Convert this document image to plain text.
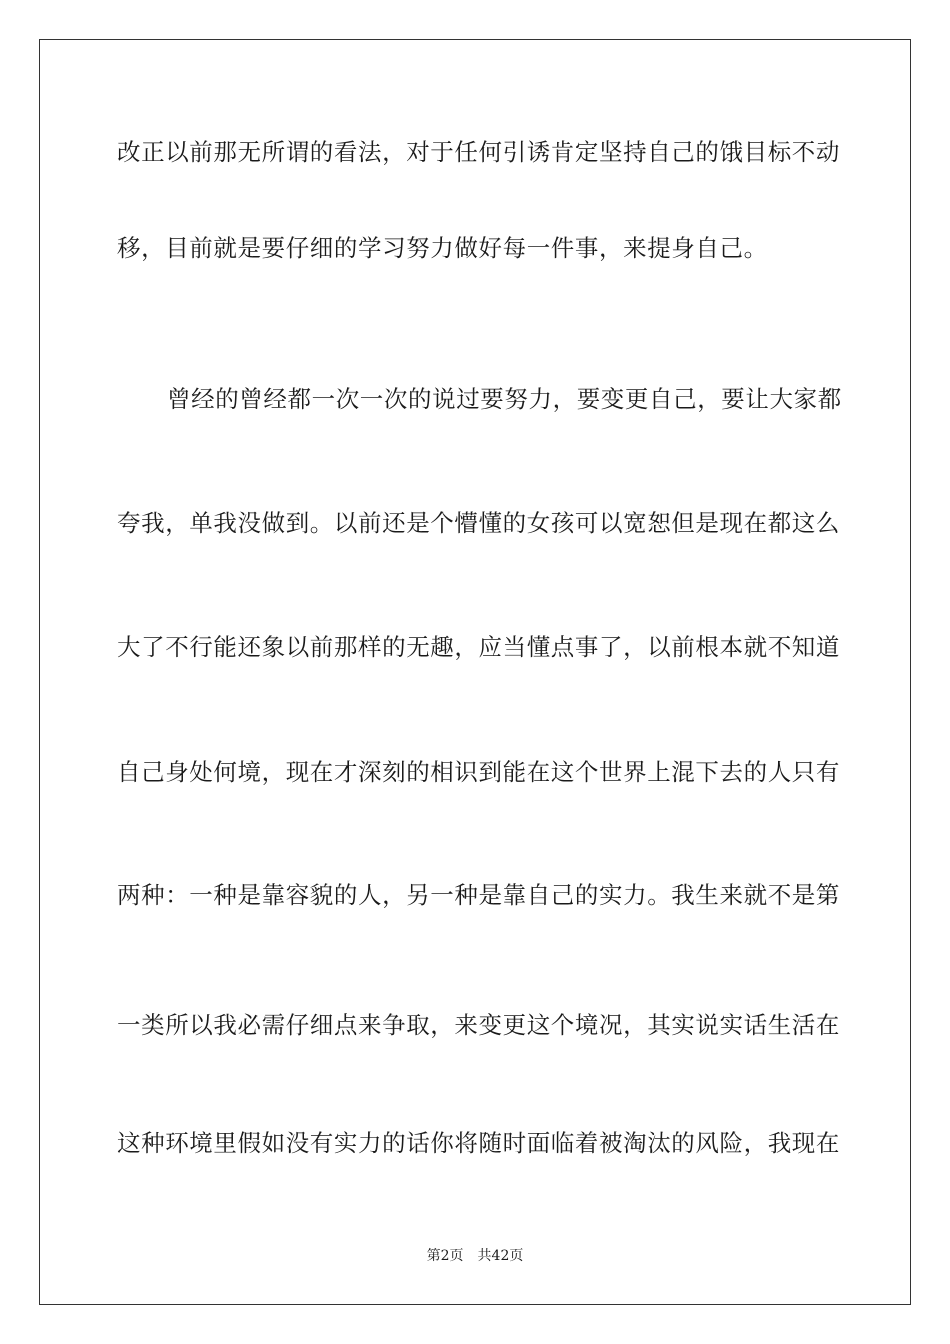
改正以前那无所谓的看法，对于任何引诱肯定坚持自己的饿目标不动
移，目前就是要仔细的学习努力做好每一件事，来提身自己。
曾经的曾经都一次一次的说过要努力，要变更自己，要让大家都
夸我，单我没做到。以前还是个懵懂的女孩可以宽恕但是现在都这么
大了不行能还象以前那样的无趣，应当懂点事了，以前根本就不知道
自己身处何境，现在才深刻的相识到能在这个世界上混下去的人只有
两种：一种是靠容貌的人，另一种是靠自己的实力。我生来就不是第
一类所以我必需仔细点来争取，来变更这个境况，其实说实话生活在
这种环境里假如没有实力的话你将随时面临着被淘汰的风险，我现在
第2页 共42页
